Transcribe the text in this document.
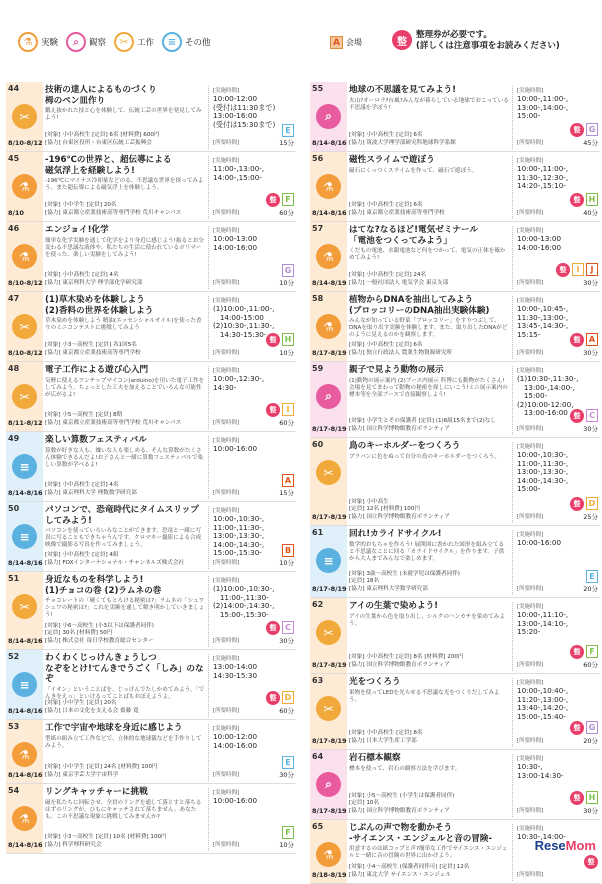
⚗	実験	⌕	観察	✂	工作	≡	その他	A 会場	整
整理券が必要です。
(詳しくは注意事項をお読みください)
44
✂
8/10-8/12
技術の達人によるものづくり
栂のペン皿作り
鍛え抜かれた技と心を体験して、伝統工芸の世界を発見してみよう!
[対象] 小中高校生 [定員] 6名 [材料費] 600円
[協力] 台東区役所・台東区伝統工芸振興会
[実施時間]
10:00-12:00
(受付は11:30まで)
13:00-16:00
(受付は15:30まで)
E
[所要時間]	15分
45
⚗
8/10
-196℃の世界と、超伝導による
磁気浮上を経験しよう!
-196℃にマイナス冷却量などのる、不思議な世界を探ってみよう。また超伝導による磁気浮上を体験しよう。
[対象] 小中学生 [定員] 20名
[協力] 東京都立産業技術高等専門学校 荒川キャンパス
[実施時間]
11:00-,13:00-,
14:00-,15:00-
整	F
[所要時間]	60分
46
⚗
8/10-8/12
エンジョイ!化学
簡単な化学実験を通して化学をより身近に感じよう!振るとお分変わる不思議な液体や、私たちの生活に使われているポリマーを使った、楽しい実験をしてみよう!
[対象] 小中高校生 [定員] 4名
[協力] 東京理科大学 理学部化学研究部
[実施時間]
10:00-13:00
14:00-16:00
G
[所要時間]	10分
47
✂
8/10-8/12
(1)草木染めを体験しよう
(2)香料の世界を体験しよう
草木染めを体験しよう 精油(エッセンシャルオイル)を使った香りのミニコンテストに挑戦してみよう
[対象] 小3～高校生 [定員] 各1回5名
[協力] 東京都立産業技術高等専門学校
[実施時間]
(1)10:00-,11:00-,
14:00-15:00
(2)10:30-,11:30-,
14:30-15:30-
整	H
[所要時間]	10分
48
✂
8/11-8/12
電子工作による遊び心入門
気軽に使えるワンチップマイコン(arduino)を用いた電子工作をしてみよう。ちょっとした工夫を加えることでいろんな可能性が広がるよ!
[対象] 小5～高校生 [定員] 8期
[協力] 東京都立産業技術高等専門学校 荒川キャンパス
[実施時間]
10:00-,12:30-,
14:30-
整	I
[所要時間]	60分
49
≡
8/14-8/16
楽しい算数フェスティバル
算数が好きな人も、嫌いな人も楽しめる、そんな算数がたくさん体験できるんだよ!お子さんと一緒に算数フェスティバルで楽しい算数が学べるよ!
[対象] 小中高校生 [定員] 4名
[協力] 東京理科大学 理数数学研究部
[実施時間]
10:00-16:00
A
[所要時間]	15分
50
≡
8/14-8/16
パソコンで、恐竜時代にタイムスリップしてみよう!
パソコンを使っていろいろなことができます。恐竜と一緒に写真に写ることもできちゃうんです。クロマキー撮影による合成映像で撮影る写真を作ってみましょう。
[対象] 小中高校生 [定員] 4組
[協力] FOXインターナショナル・チャンネルズ株式会社
[実施時間]
10:00-,10:30-,
11:00-,11:30-,
13:00-,13:30-,
14:00-,14:30-,
15:00-,15:30-	B
[所要時間]	10分
51
✂
8/14-8/16
身近なものを科学しよう!
(1)チョコの巻 (2)ラムネの巻
チョコレートの「硬くてもとろける秘密は?」ラムネの「シュワシュワの秘密は?」これを実験を通して解き明かしていきましょう!
[対象] 小6～高校生 (小3以下は保護者同伴)
[定員] 30名 [材料費] 50円
[協力] 株式会社 毎日学校教育総合センター
[実施時間]
(1)10:00-,10:30-,
11:00-,11:30-
(2)14:00-,14:30-,
15:00-,15:30-
整	C
[所要時間]	30分
52
≡
8/14-8/16
わくわくじっけんきょうしつ
なぞをとけ!てんきでうごく「しみ」のなぞ
「イオン」ということばを、じっけんでたしかめてみよう。「でんきをえっ」といけるってことばもおぼえようよ。
[対象] 小中学生 [定員] 20名
[協力] 日本の文化を支える会 齋藤 寛
[実施時間]
13:00-14:00
14:30-15:30
整	D
[所要時間]	60分
53
⚗
8/14-8/16
工作で宇宙や地球を身近に感じよう
型紙の組み立て工作などで、立体的な地球儀などを手作りしてみよう。
[対象] 小中学生 [定員] 24名 [材料費] 100円
[協力] 東京学芸大学宇宙科学
[実施時間]
10:00-12:00
14:00-16:00
E
[所要時間]	30分
54
⚗
8/14-8/16
リングキャッチャーに挑戦
磁を私たちに回転させ、全員のリングを通して落とすと落ちるはずのリングが、ひもにキャッチされて落ちません。あなたも、この不思議な現象に挑戦してみませんか?
[対象] 小3～高校生 [定員] 10名 [材料費] 100円
[協力] 科学理科研究会
[実施時間]
10:00-16:00
F
[所要時間]	10分
55
⌕
8/14-8/16
地球の不思議を見てみよう!
火山?オーロラ?台風?みんなが暮らしている地球でおこっている不思議を学ぼう!
[対象] 小中高校生 [定員] 6名
[協力] 筑波大学理学部研究科地球科学系館
[実施時間]
10:00-,11:00-,
13:00-,14:00-,
15:00-
整	G
[所要時間]	45分
56
⚗
8/14-8/16
磁性スライムで遊ぼう
磁石にくっつくスライムを作って、磁石で遊ぼう。
[対象] 小中高校生 [定員] 6名
[協力] 東京都立産業技術高等専門学校
[実施時間]
10:00-,11:00-,
11:30-,12:30-,
14:20-,15:10-
整	H
[所要時間]	40分
57
⚗
8/14-8/19
はてな?なるほど!電気ゼミナール
「電池をつくってみよう」
くだもの電池、水銀電池など何をつかって、電気の正体を確かめてみよう!
[対象] 小中高校生 [定員] 24名
[協力] 一般社団法人 電気学会 東京支部
[実施時間]
10:00-13:00
14:00-16:00
整	I	J
[所要時間]	30分
58
⚗
8/17-8/19
植物からDNAを抽出してみよう
(ブロッコリーのDNA抽出実験体験)
みんなが知っている野菜「ブロッコリー」をすりつぶして、DNAを取り出す実験を体験します。また、取り出したDNAがどのように見えるのかを観察します。
[対象] 小中高校生 [定員] 6名
[協力] 独立行政法人 農業生物資源研究所
[実施時間]
10:00-,10:45-,
11:30-,13:00-,
13:45-,14:30-,
15:15-
整	A
[所要時間]	30分
59
⌕
8/17-8/19
親子で見よう動物の展示
(1)動物の展示案内 (2)ブース内展示 科博にも動物がたくさん!会場を見てまわって動物の秘密を探しにいこう!ミニ展示案内の標本等を全部ブースで直接観察しよう!
[対象] 小学生とその保護者 [定員] (1)6組15名まで(2)なし
[協力] 国立科学博物館教育ボランティア
[実施時間]
(1)10:30-,11:30-,
13:00-,14:00-,
15:00-
(2)10:00-12:00,
13:00-16:00 整	C
[所要時間]	30分
60
✂
8/17-8/19
鳥のキーホルダーをつくろう
プラバンに色をぬって自分の鳥のキーホルダーをつくろう。
[対象] 小中高生
[定員] 12名 [材料費] 100円
[協力] 国立科学博物館教育ボランティア
[実施時間]
10:00-,10:30-,
11:00-,11:30-,
13:00-,13:30-,
14:00-,14:30-,
15:00-
整	D
[所要時間]	25分
61
≡
8/17-8/19
回れ!カライドサイクル!
数学的おもちゃを作ろう! 展開図に書かれた図形を組み立てると不思議なことに回る「カライドサイクル」を作ります。子供から大人までみんなで楽しめます。
[対象] 3歳～高校生 (未就学児は保護者同伴)
[定員] 18名
[協力] 東京理科大学数学研究部
[実施時間]
10:00-16:00
E
[所要時間]	20分
62
✂
8/17-8/19
アイの生葉で染めよう!
アイの生葉から色を取り出し、シルクのハンカチを染めてみよう。
[対象] 小中高校生 [定員] 8名 [材料費] 200円
[協力] 国立科学博物館教育ボランティア
[実施時間]
10:00-,11:10-,
13:00-,14:10-,
15:20-
整	F
[所要時間]	60分
63
✂
8/17-8/19
光をつくろう
果物を使ってLEDを光らせる不思議な光をつくりだしてみよう。
[対象] 小中高校生 [定員] 8名
[協力] 日本大学生産工学部
[実施時間]
10:00-,10:40-,
11:20-,13:00-,
13:40-,14:20-,
15:00-,15:40-
整	G
[所要時間]	20分
64
⌕
8/17-8/19
岩石標本観察
標本を使って、岩石の観察方法を学びます。
[対象] 小5～高校生 (小学生は保護者同伴)
[定員] 10名
[協力] 国立科学博物館教育ボランティア
[実施時間]
10:30-,
13:00-14:30-
整	H
[所要時間]	30分
65
⚗
8/18-8/19
じぶんの声で物を動かそう
-サイエンス・エンジェルと音の冒険-
用意するのは紙コップと声?簡単な工作でサイエンス・エンジェルと一緒に音の冒険の世界に出かけよう。
[対象] 小4～高校生 (保護者同伴可) [定員] 12名
[協力] 東北大学 サイエンス・エンジェル
[実施時間]
10:30-,14:00-
整
[所要時間]
ReseMom
